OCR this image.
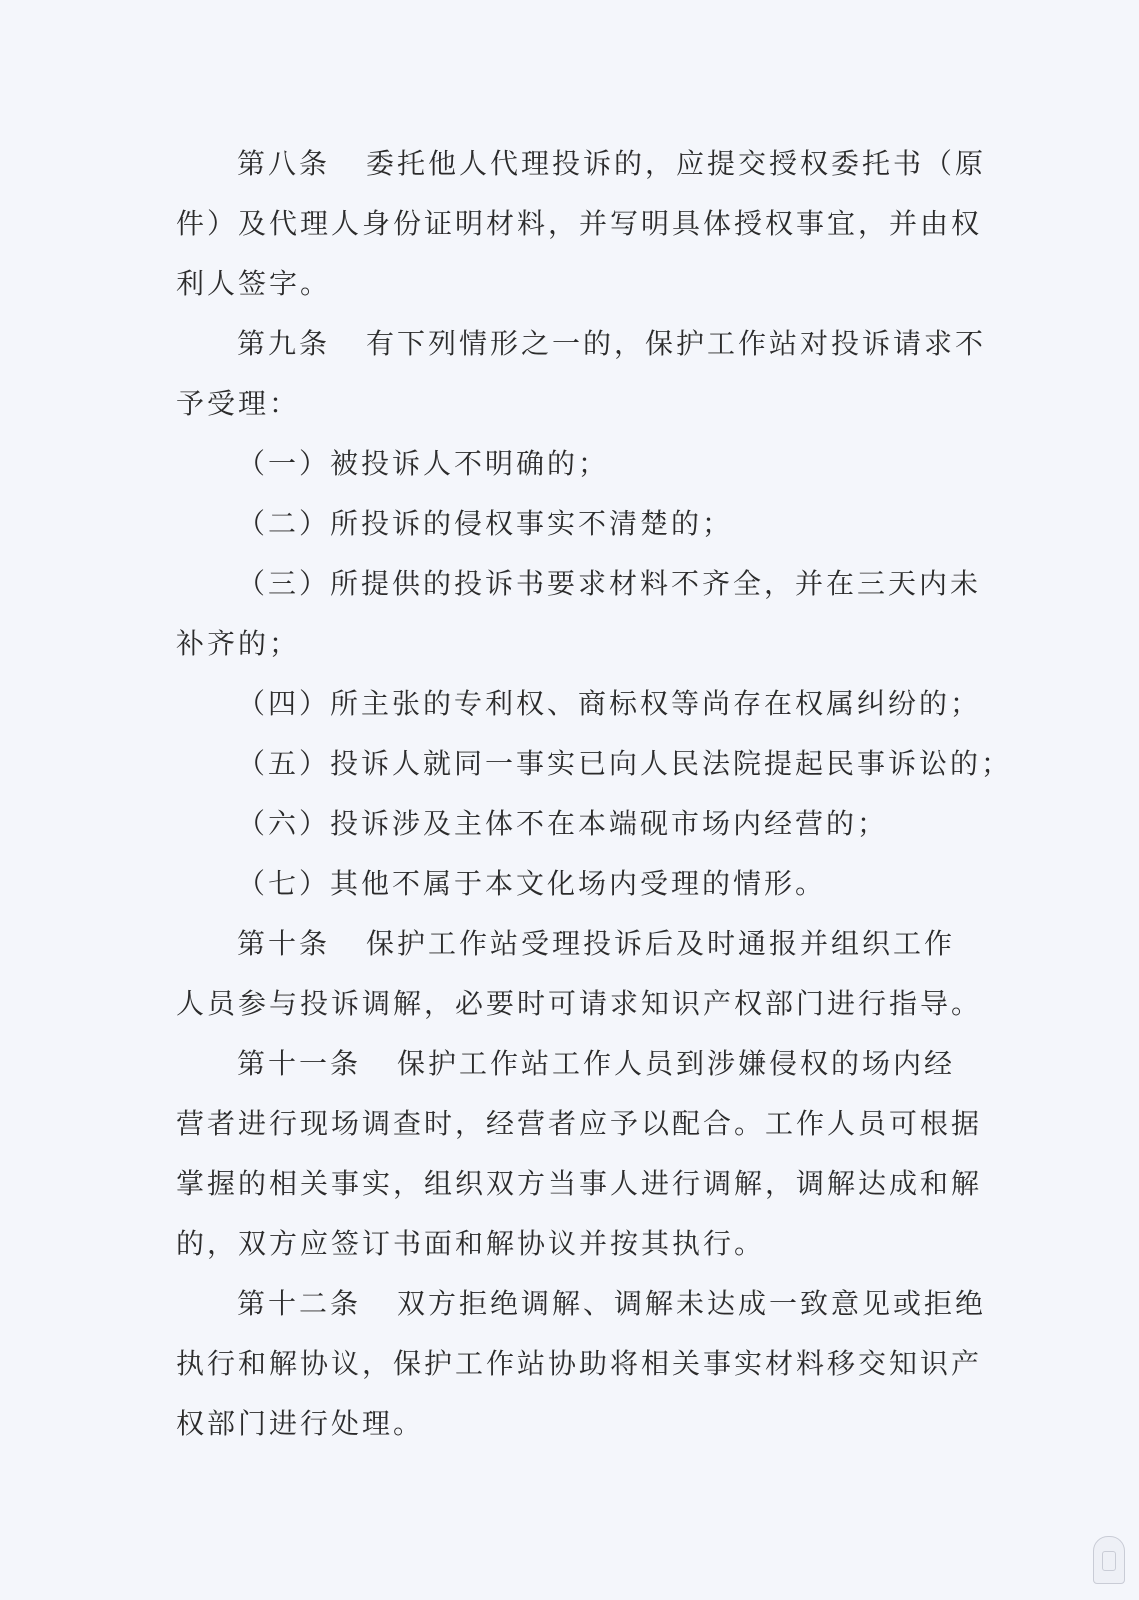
第八条 委托他人代理投诉的，应提交授权委托书（原
件）及代理人身份证明材料，并写明具体授权事宜，并由权
利人签字。
第九条 有下列情形之一的，保护工作站对投诉请求不
予受理：
（一）被投诉人不明确的；
（二）所投诉的侵权事实不清楚的；
（三）所提供的投诉书要求材料不齐全，并在三天内未
补齐的；
（四）所主张的专利权、商标权等尚存在权属纠纷的；
（五）投诉人就同一事实已向人民法院提起民事诉讼的；
（六）投诉涉及主体不在本端砚市场内经营的；
（七）其他不属于本文化场内受理的情形。
第十条 保护工作站受理投诉后及时通报并组织工作
人员参与投诉调解，必要时可请求知识产权部门进行指导。
第十一条 保护工作站工作人员到涉嫌侵权的场内经
营者进行现场调查时，经营者应予以配合。工作人员可根据
掌握的相关事实，组织双方当事人进行调解，调解达成和解
的，双方应签订书面和解协议并按其执行。
第十二条 双方拒绝调解、调解未达成一致意见或拒绝
执行和解协议，保护工作站协助将相关事实材料移交知识产
权部门进行处理。
